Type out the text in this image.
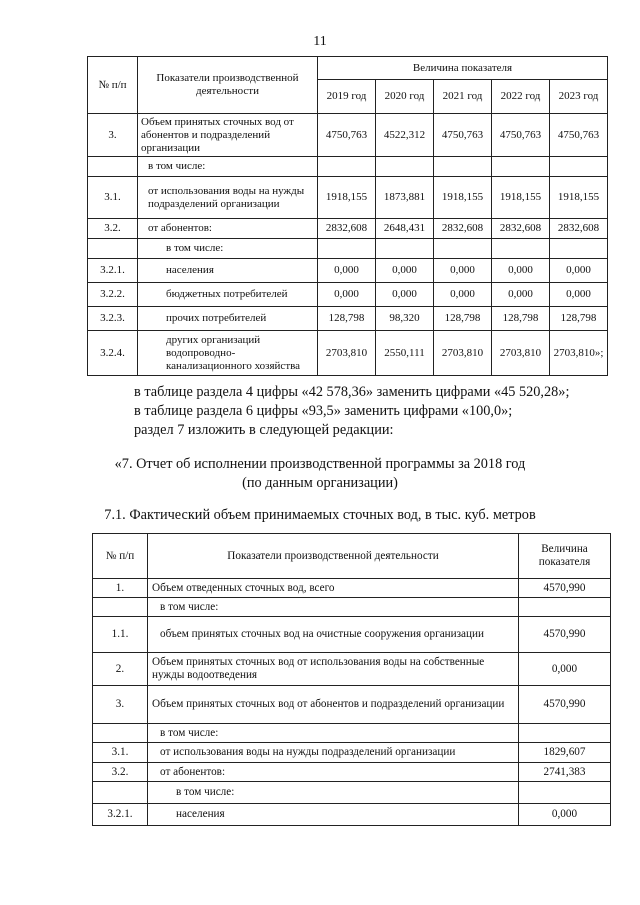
11
№ п/п	Показатели производственной деятельности	Величина показателя				
		2019 год	2020 год	2021 год	2022 год	2023 год
3.	Объем принятых сточных вод от абонентов и подразделений организации	4750,763	4522,312	4750,763	4750,763	4750,763
	в том числе:					
3.1.	от использования воды на нужды подразделений организации	1918,155	1873,881	1918,155	1918,155	1918,155
3.2.	от абонентов:	2832,608	2648,431	2832,608	2832,608	2832,608
	в том числе:					
3.2.1.	населения	0,000	0,000	0,000	0,000	0,000
3.2.2.	бюджетных потребителей	0,000	0,000	0,000	0,000	0,000
3.2.3.	прочих потребителей	128,798	98,320	128,798	128,798	128,798
3.2.4.	других организаций водопроводно-канализационного хозяйства	2703,810	2550,111	2703,810	2703,810	2703,810»;
в таблице раздела 4 цифры «42 578,36» заменить цифрами «45 520,28»;
в таблице раздела 6 цифры «93,5» заменить цифрами «100,0»;
раздел 7 изложить в следующей редакции:
«7. Отчет об исполнении производственной программы за 2018 год
(по данным организации)
7.1. Фактический объем принимаемых сточных вод, в тыс. куб. метров
№ п/п	Показатели производственной деятельности	Величина показателя
1.	Объем отведенных сточных вод, всего	4570,990
	в том числе:	
1.1.	объем принятых сточных вод на очистные сооружения организации	4570,990
2.	Объем принятых сточных вод от использования воды на собственные нужды водоотведения	0,000
3.	Объем принятых сточных вод от абонентов и подразделений организации	4570,990
	в том числе:	
3.1.	от использования воды на нужды подразделений организации	1829,607
3.2.	от абонентов:	2741,383
	в том числе:	
3.2.1.	населения	0,000
